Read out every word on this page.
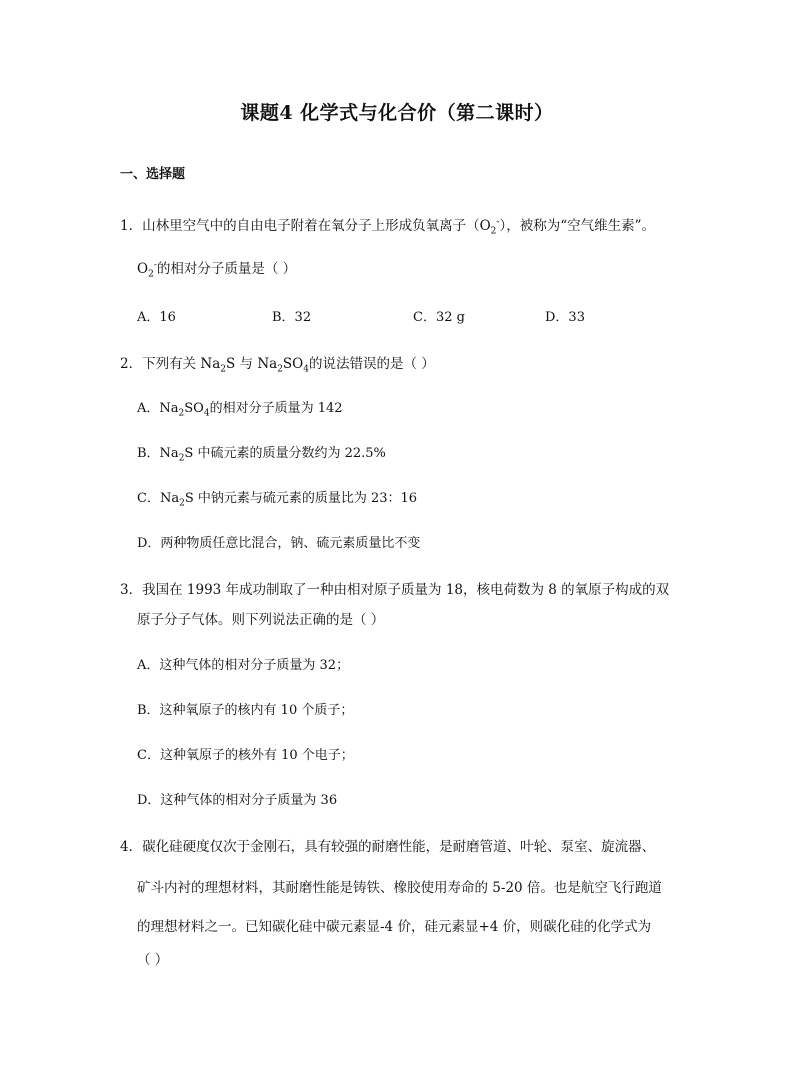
课题4 化学式与化合价（第二课时）
一、选择题
1．山林里空气中的自由电子附着在氧分子上形成负氧离子$(O_2^-)$，被称为“空气维生素”。
$O_2^-$的相对分子质量是（ ）
A．16	B．32	C．32 g	D．33
2．下列有关 $Na_2S$ 与 $Na_2SO_4$的说法错误的是（ ）
A．$Na_2SO_4$的相对分子质量为 142
B．$Na_2S$ 中硫元素的质量分数约为 22.5%
C．$Na_2S$ 中钠元素与硫元素的质量比为 23：16
D．两种物质任意比混合，钠、硫元素质量比不变
3．我国在 1993 年成功制取了一种由相对原子质量为 18，核电荷数为 8 的氧原子构成的双
原子分子气体。则下列说法正确的是（ ）
A．这种气体的相对分子质量为 32；
B．这种氧原子的核内有 10 个质子；
C．这种氧原子的核外有 10 个电子；
D．这种气体的相对分子质量为 36
4．碳化硅硬度仅次于金刚石，具有较强的耐磨性能，是耐磨管道、叶轮、泵室、旋流器、
矿斗内衬的理想材料，其耐磨性能是铸铁、橡胶使用寿命的 5-20 倍。也是航空飞行跑道
的理想材料之一。已知碳化硅中碳元素显-4 价，硅元素显+4 价，则碳化硅的化学式为
（ ）
